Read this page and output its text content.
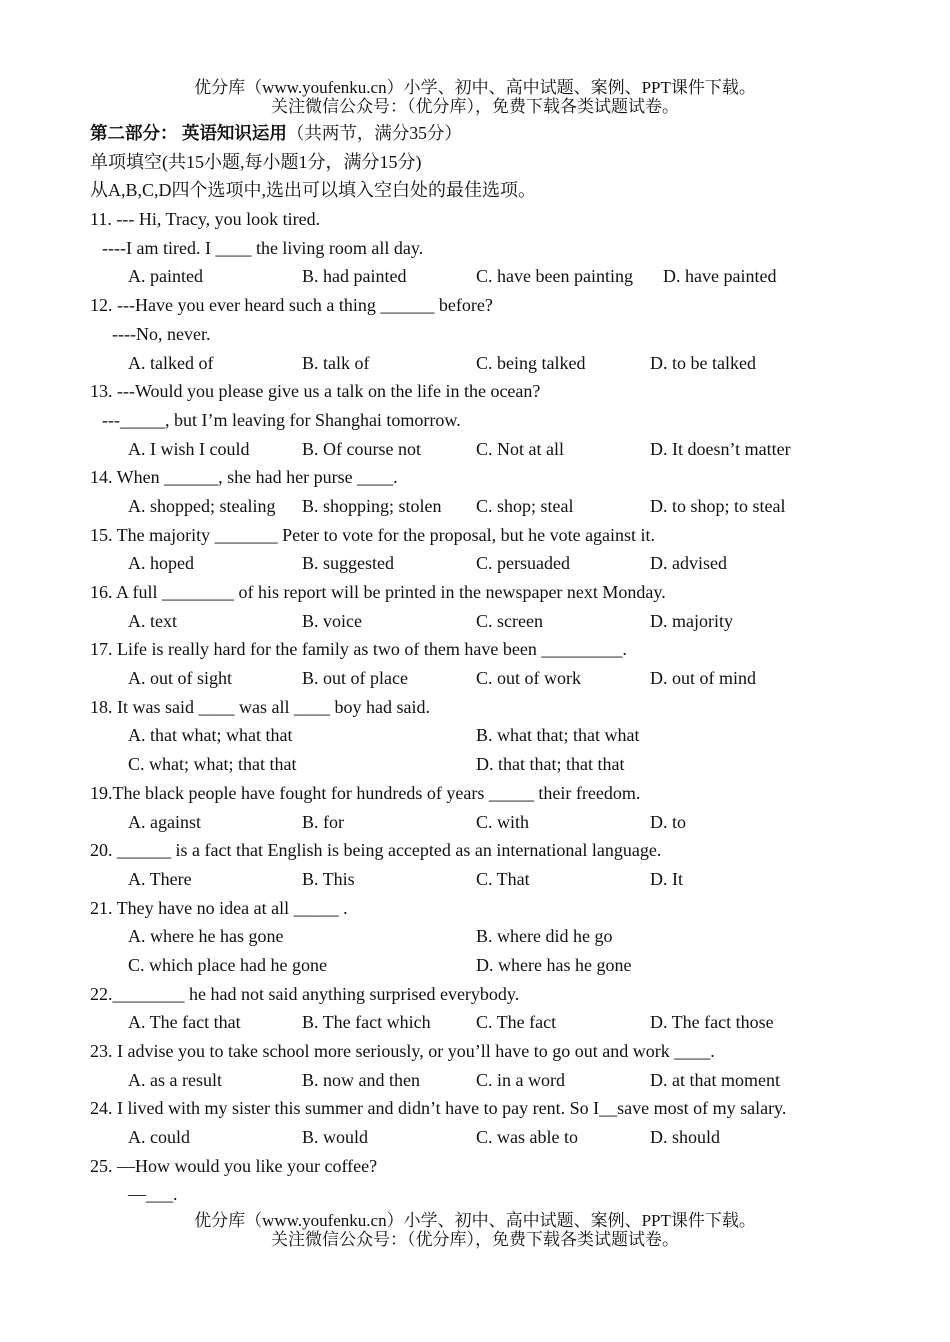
优分库（www.youfenku.cn）小学、初中、高中试题、案例、PPT课件下载。
关注微信公众号：（优分库），免费下载各类试题试卷。
第二部分： 英语知识运用（共两节，满分35分）
单项填空(共15小题,每小题1分，满分15分)
从A,B,C,D四个选项中,选出可以填入空白处的最佳选项。
11. --- Hi, Tracy, you look tired.
----I am tired. I ____ the living room all day.
A. painted	B. had painted	C. have been painting D. have painted
12. ---Have you ever heard such a thing ______ before?
----No, never.
A. talked of	B. talk of	C. being talked	D. to be talked
13. ---Would you please give us a talk on the life in the ocean?
---_____, but I’m leaving for Shanghai tomorrow.
A. I wish I could	B. Of course not	C. Not at all	D. It doesn’t matter
14. When ______, she had her purse ____.
A. shopped; stealing B. shopping; stolen C. shop; steal	D. to shop; to steal
15. The majority _______ Peter to vote for the proposal, but he vote against it.
A. hoped	B. suggested	C. persuaded	D. advised
16. A full ________ of his report will be printed in the newspaper next Monday.
A. text	B. voice	C. screen	D. majority
17. Life is really hard for the family as two of them have been _________.
A. out of sight	B. out of place	C. out of work	D. out of mind
18. It was said ____ was all ____ boy had said.
A. that what; what that	B. what that; that what
C. what; what; that that	D. that that; that that
19.The black people have fought for hundreds of years _____ their freedom.
A. against	B. for	C. with	D. to
20. ______ is a fact that English is being accepted as an international language.
A. There	B. This	C. That	D. It
21. They have no idea at all _____ .
A. where he has gone	B. where did he go
C. which place had he gone	D. where has he gone
22.________ he had not said anything surprised everybody.
A. The fact that	B. The fact which	C. The fact	D. The fact those
23. I advise you to take school more seriously, or you’ll have to go out and work ____.
A. as a result	B. now and then	C. in a word	D. at that moment
24. I lived with my sister this summer and didn’t have to pay rent. So I__save most of my salary.
A. could	B. would	C. was able to	D. should
25. —How would you like your coffee?
—___.
优分库（www.youfenku.cn）小学、初中、高中试题、案例、PPT课件下载。
关注微信公众号：（优分库），免费下载各类试题试卷。
